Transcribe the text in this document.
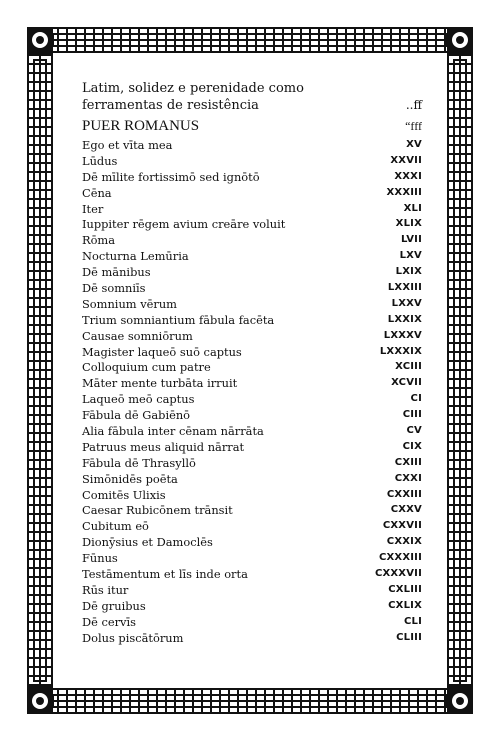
Latim, solidez e perenidade como ferramentas de resistência	..ff
PUER ROMANUS	“fff
Ego et vīta mea	XV
Lūdus	XXVII
Dē mīlite fortissimō sed ignōtō	XXXI
Cēna	XXXIII
Iter	XLI
Iuppiter rēgem avium creāre voluit	XLIX
Rōma	LVII
Nocturna Lemūria	LXV
Dē mānibus	LXIX
Dē somniīs	LXXIII
Somnium vērum	LXXV
Trium somniantium fābula facēta	LXXIX
Causae somniōrum	LXXXV
Magister laqueō suō captus	LXXXIX
Colloquium cum patre	XCIII
Māter mente turbāta irruit	XCVII
Laqueō meō captus	CI
Fābula dē Gabiēnō	CIII
Alia fābula inter cēnam nārrāta	CV
Patruus meus aliquid nārrat	CIX
Fābula dē Thrasyllō	CXIII
Simōnidēs poēta	CXXI
Comitēs Ulixis	CXXIII
Caesar Rubicōnem trānsit	CXXV
Cubitum eō	CXXVII
Dionȳsius et Damoclēs	CXXIX
Fūnus	CXXXIII
Testāmentum et līs inde orta	CXXXVII
Rūs itur	CXLIII
Dē gruibus	CXLIX
Dē cervīs	CLI
Dolus piscātōrum	CLIII
